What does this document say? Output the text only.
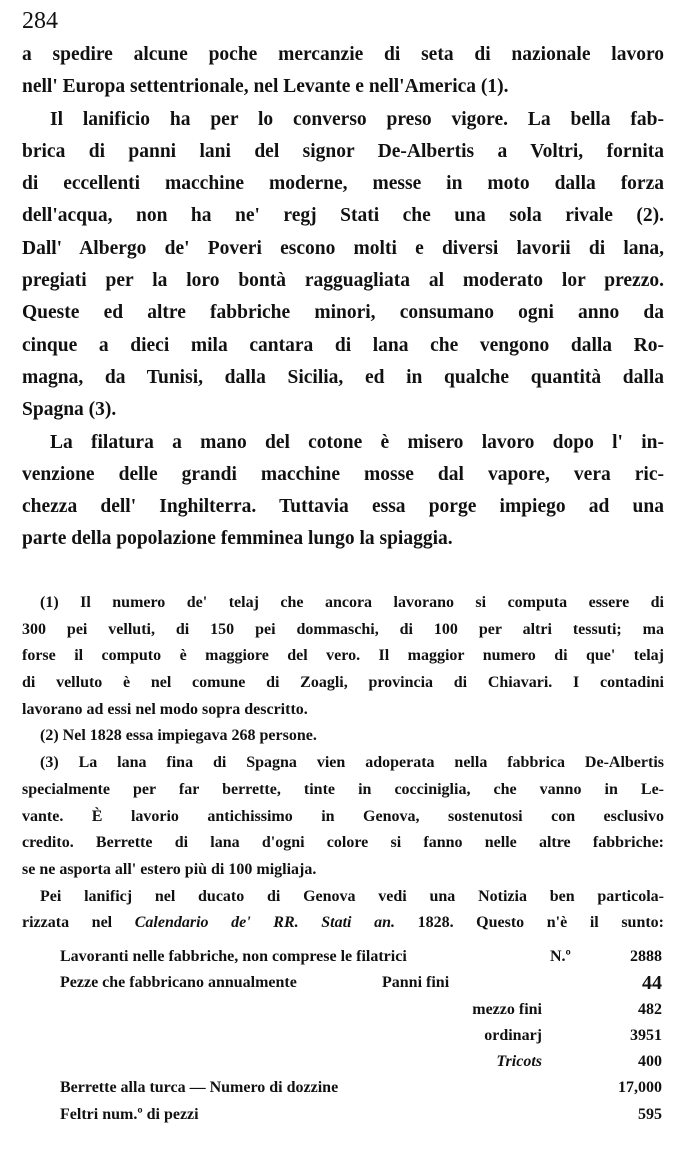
284
a spedire alcune poche mercanzie di seta di nazionale lavoro
nell' Europa settentrionale, nel Levante e nell'America (1).
Il lanificio ha per lo converso preso vigore. La bella fab-
brica di panni lani del signor De-Albertis a Voltri, fornita
di eccellenti macchine moderne, messe in moto dalla forza
dell'acqua, non ha ne' regj Stati che una sola rivale (2).
Dall' Albergo de' Poveri escono molti e diversi lavorii di lana,
pregiati per la loro bontà ragguagliata al moderato lor prezzo.
Queste ed altre fabbriche minori, consumano ogni anno da
cinque a dieci mila cantara di lana che vengono dalla Ro-
magna, da Tunisi, dalla Sicilia, ed in qualche quantità dalla
Spagna (3).
La filatura a mano del cotone è misero lavoro dopo l' in-
venzione delle grandi macchine mosse dal vapore, vera ric-
chezza dell' Inghilterra. Tuttavia essa porge impiego ad una
parte della popolazione femminea lungo la spiaggia.
(1) Il numero de' telaj che ancora lavorano si computa essere di
300 pei velluti, di 150 pei dommaschi, di 100 per altri tessuti; ma
forse il computo è maggiore del vero. Il maggior numero di que' telaj
di velluto è nel comune di Zoagli, provincia di Chiavari. I contadini
lavorano ad essi nel modo sopra descritto.
(2) Nel 1828 essa impiegava 268 persone.
(3) La lana fina di Spagna vien adoperata nella fabbrica De-Albertis
specialmente per far berrette, tinte in cocciniglia, che vanno in Le-
vante. È lavorio antichissimo in Genova, sostenutosi con esclusivo
credito. Berrette di lana d'ogni colore si fanno nelle altre fabbriche:
se ne asporta all' estero più di 100 migliaja.
Pei lanificj nel ducato di Genova vedi una Notizia ben particola-
rizzata nel Calendario de' RR. Stati an. 1828. Questo n'è il sunto:
Lavoranti nelle fabbriche, non comprese le filatrici	N.º	2888
Pezze che fabbricano annualmente	Panni fini	44
mezzo fini	482
ordinarj	3951
Tricots	400
Berrette alla turca — Numero di dozzine	17,000
Feltri num.º di pezzi	595
